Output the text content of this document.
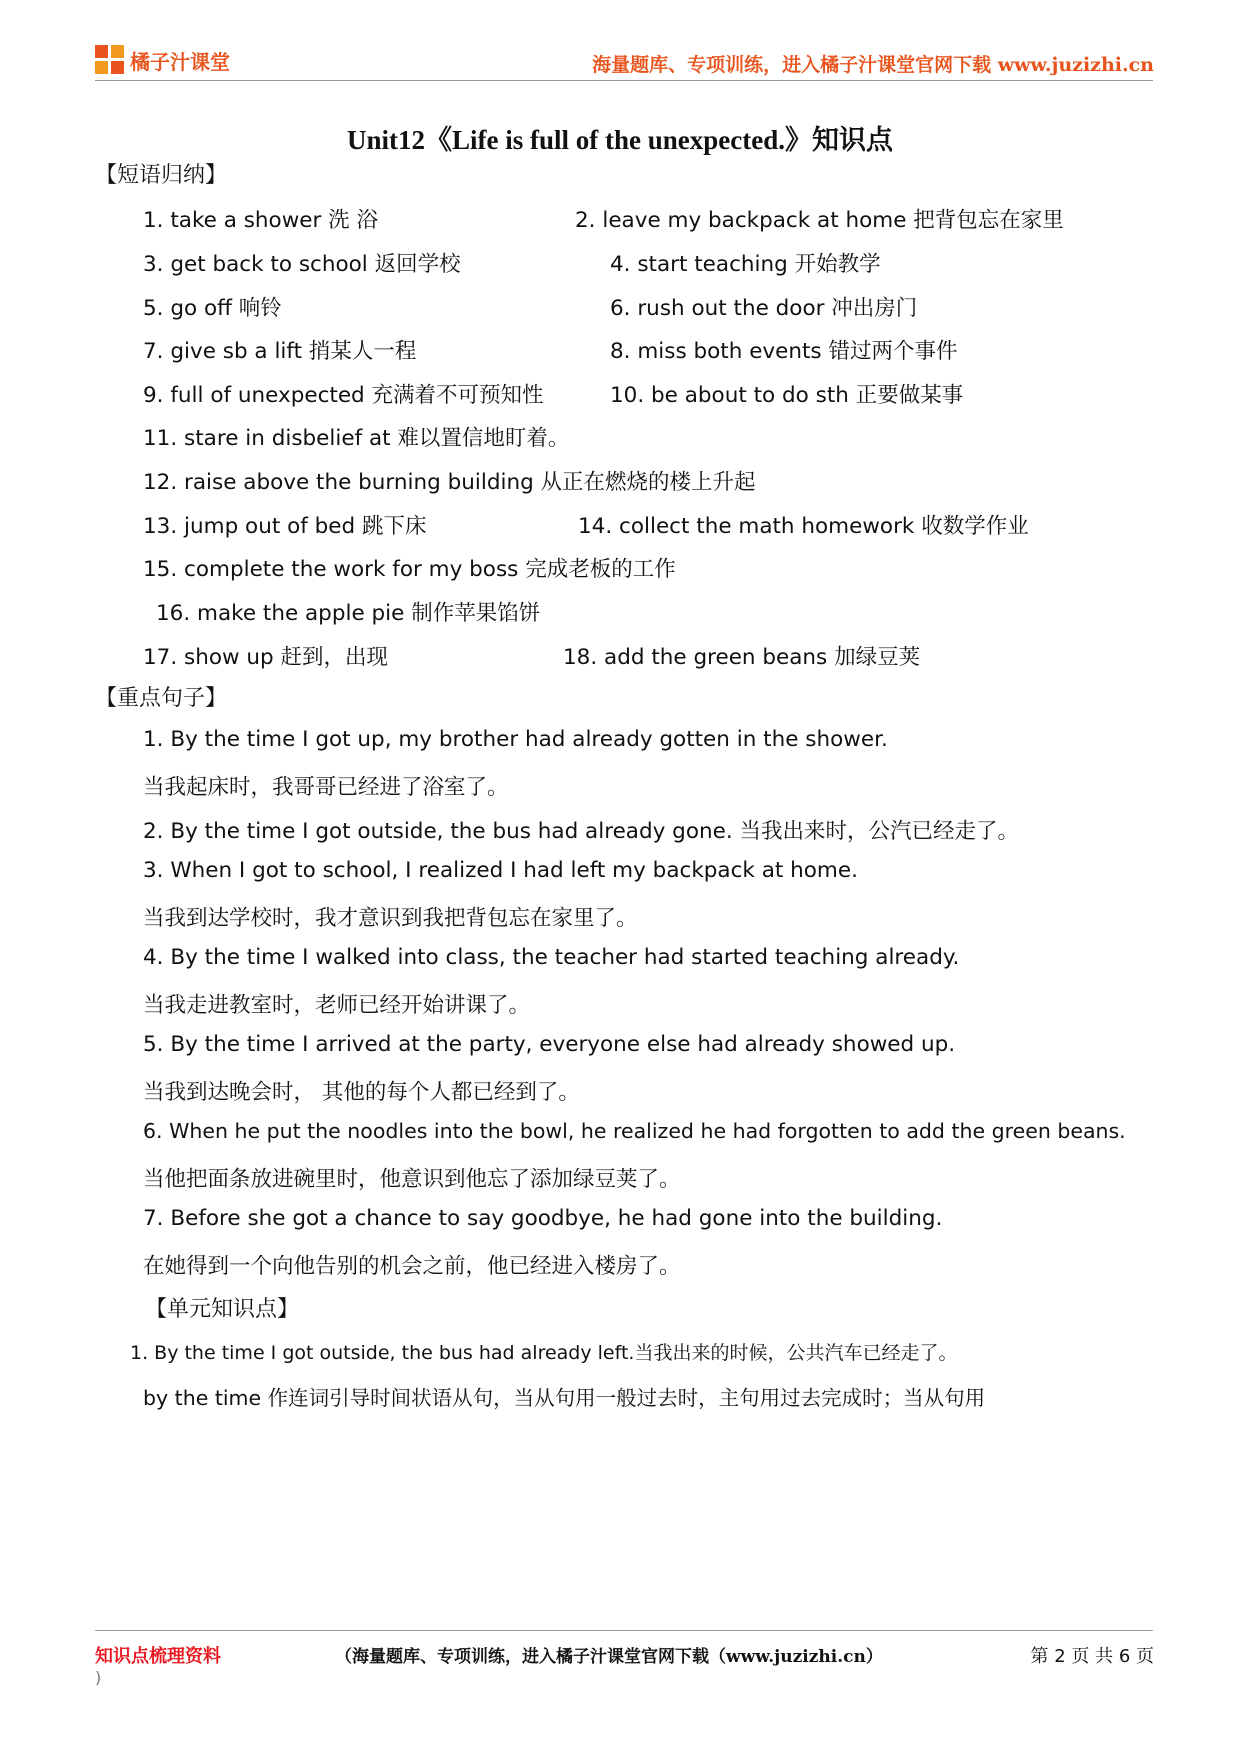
橘子汁课堂	海量题库、专项训练，进入橘子汁课堂官网下载 www.juzizhi.cn
Unit12《Life is full of the unexpected.》知识点
【短语归纳】
1. take a shower 洗 浴	2. leave my backpack at home 把背包忘在家里
3. get back to school 返回学校	4. start teaching 开始教学
5. go off 响铃	6. rush out the door 冲出房门
7. give sb a lift 捎某人一程	8. miss both events 错过两个事件
9. full of unexpected 充满着不可预知性	10. be about to do sth 正要做某事
11. stare in disbelief at 难以置信地盯着。
12. raise above the burning building 从正在燃烧的楼上升起
13. jump out of bed 跳下床	14. collect the math homework 收数学作业
15. complete the work for my boss 完成老板的工作
16. make the apple pie 制作苹果馅饼
17. show up 赶到，出现	18. add the green beans 加绿豆荚
【重点句子】
1. By the time I got up, my brother had already gotten in the shower.
当我起床时，我哥哥已经进了浴室了。
2. By the time I got outside, the bus had already gone. 当我出来时，公汽已经走了。
3. When I got to school, I realized I had left my backpack at home.
当我到达学校时，我才意识到我把背包忘在家里了。
4. By the time I walked into class, the teacher had started teaching already.
当我走进教室时，老师已经开始讲课了。
5. By the time I arrived at the party, everyone else had already showed up.
当我到达晚会时， 其他的每个人都已经到了。
6. When he put the noodles into the bowl, he realized he had forgotten to add the green beans.
当他把面条放进碗里时，他意识到他忘了添加绿豆荚了。
7. Before she got a chance to say goodbye, he had gone into the building.
在她得到一个向他告别的机会之前，他已经进入楼房了。
【单元知识点】
1. By the time I got outside, the bus had already left.当我出来的时候，公共汽车已经走了。
by the time 作连词引导时间状语从句，当从句用一般过去时，主句用过去完成时；当从句用
知识点梳理资料	（海量题库、专项训练，进入橘子汁课堂官网下载（www.juzizhi.cn）	第 2 页 共 6 页
)
